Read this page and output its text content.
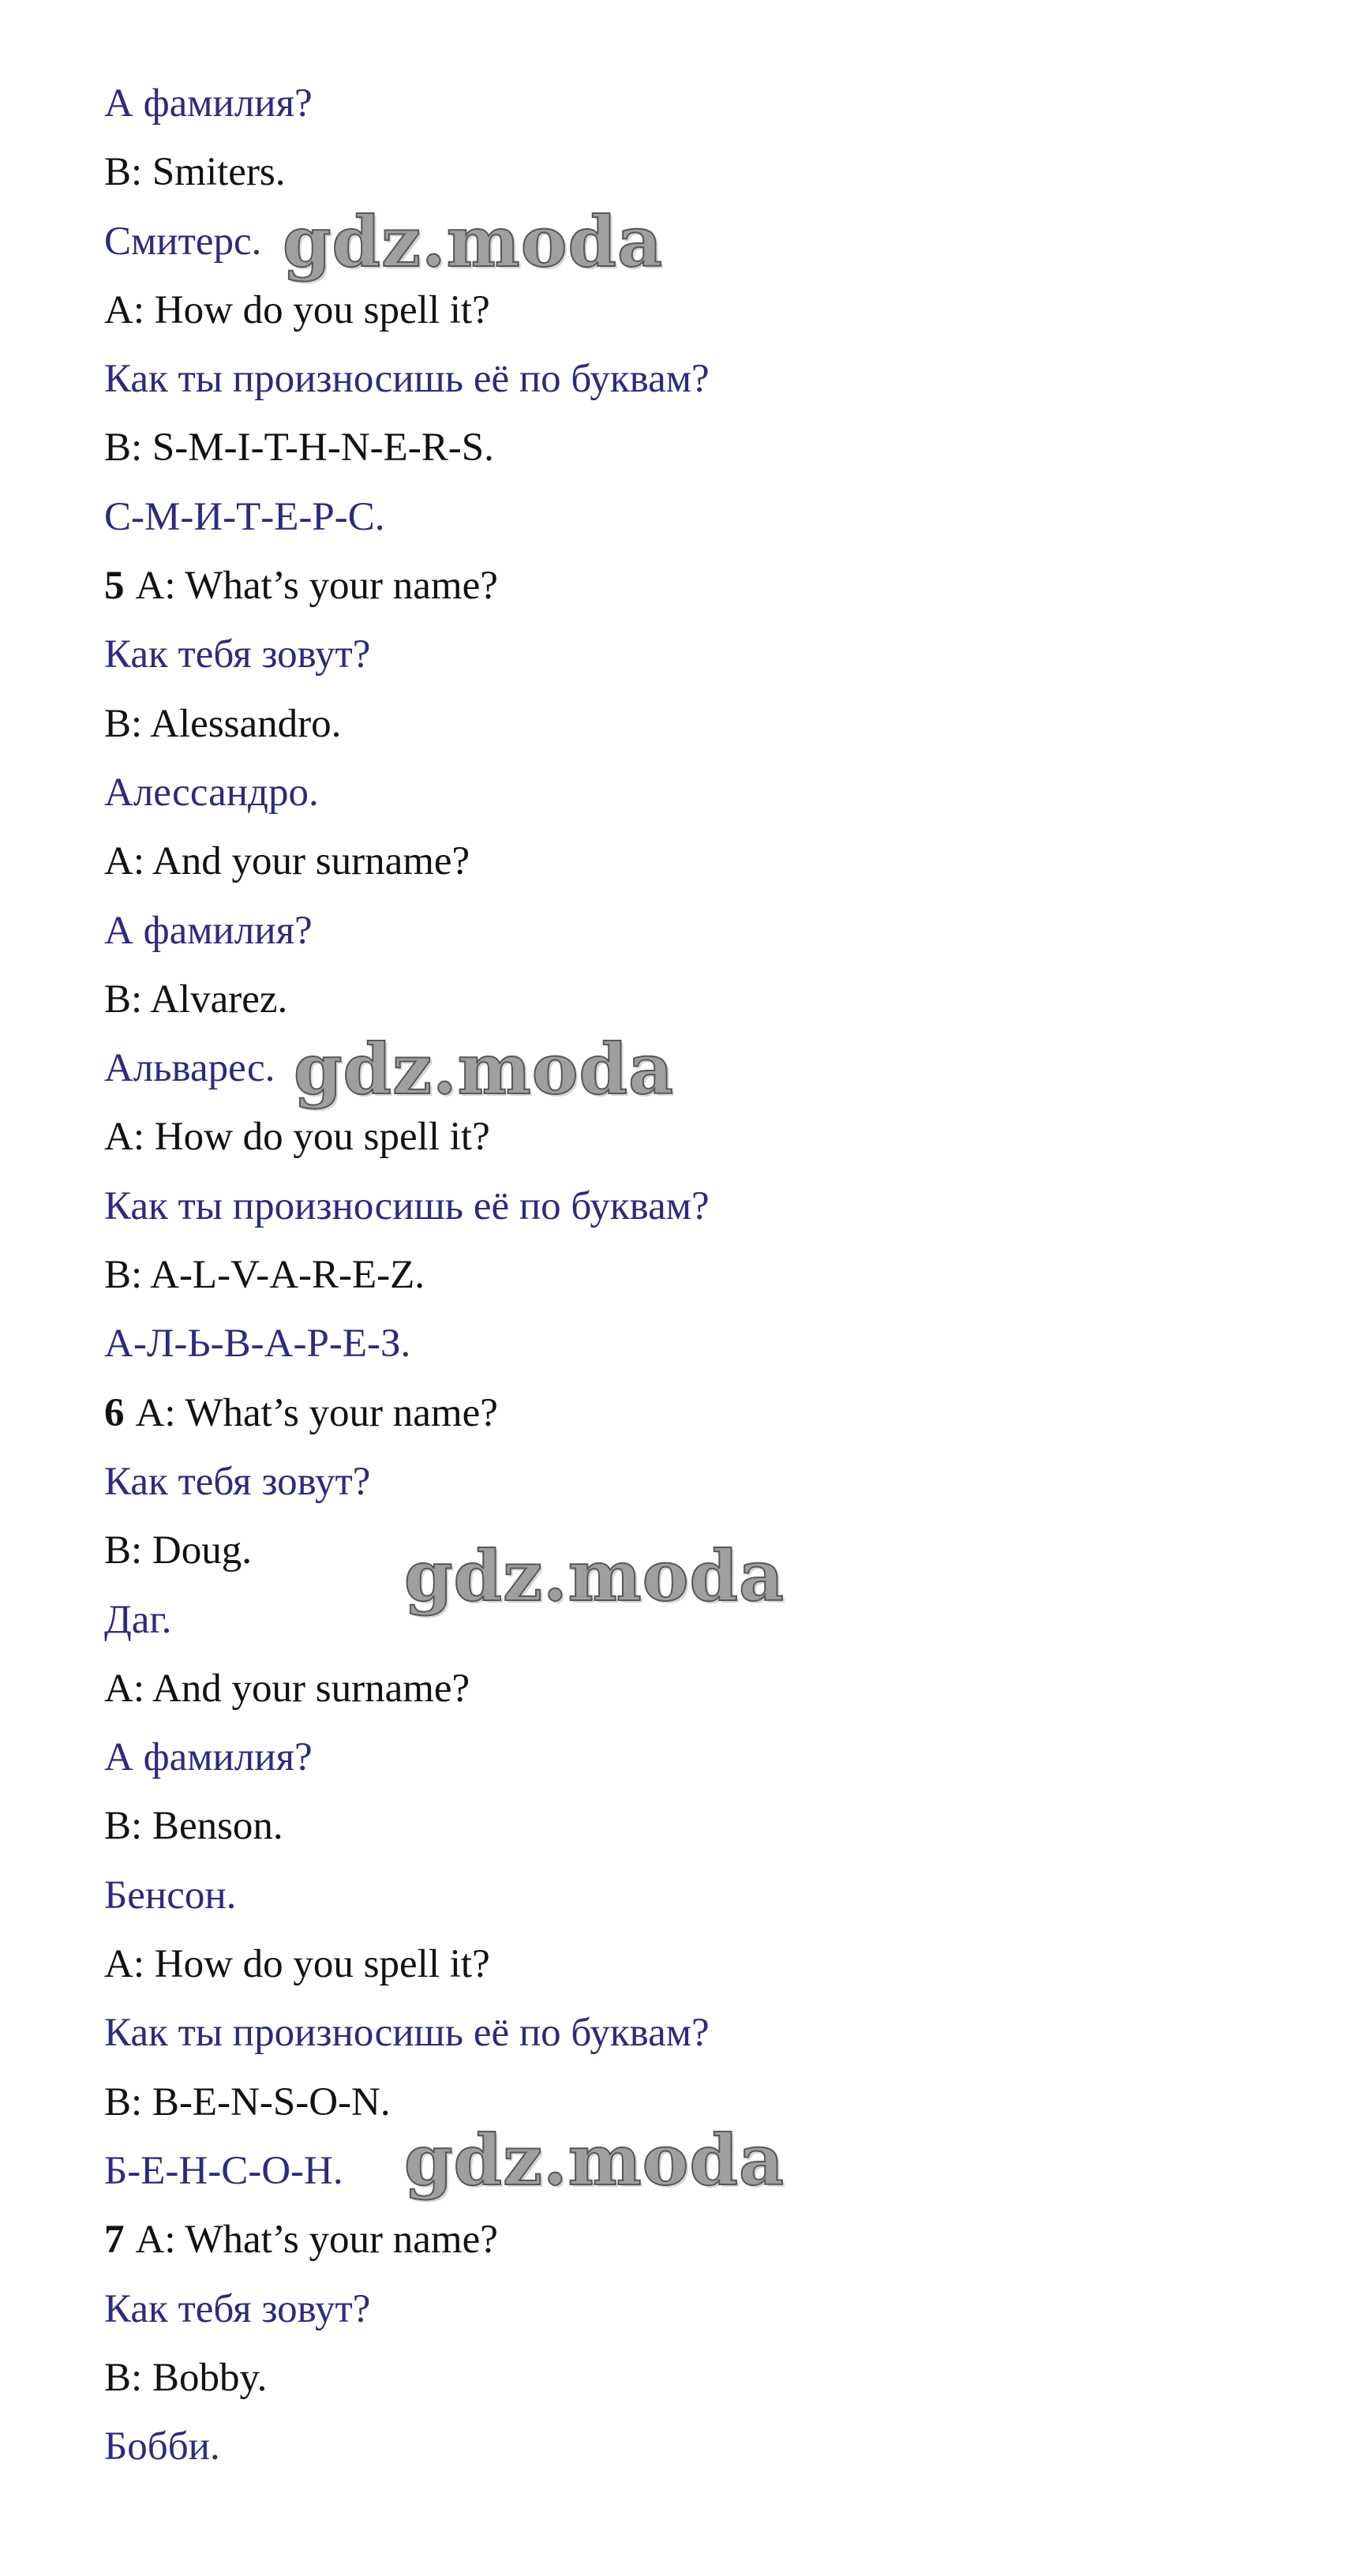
А фамилия?
B: Smiters.
Смитерс.
A: How do you spell it?
Как ты произносишь её по буквам?
B: S-M-I-T-H-N-E-R-S.
С-М-И-Т-Е-Р-С.
5 A: What’s your name?
Как тебя зовут?
B: Alessandro.
Алессандро.
A: And your surname?
А фамилия?
B: Alvarez.
Альварес.
A: How do you spell it?
Как ты произносишь её по буквам?
B: A-L-V-A-R-E-Z.
А-Л-Ь-В-А-Р-Е-З.
6 A: What’s your name?
Как тебя зовут?
B: Doug.
Даг.
A: And your surname?
А фамилия?
B: Benson.
Бенсон.
A: How do you spell it?
Как ты произносишь её по буквам?
B: B-E-N-S-O-N.
Б-Е-Н-С-О-Н.
7 A: What’s your name?
Как тебя зовут?
B: Bobby.
Бобби.
gdz.moda
gdz.moda
gdz.moda
gdz.moda
